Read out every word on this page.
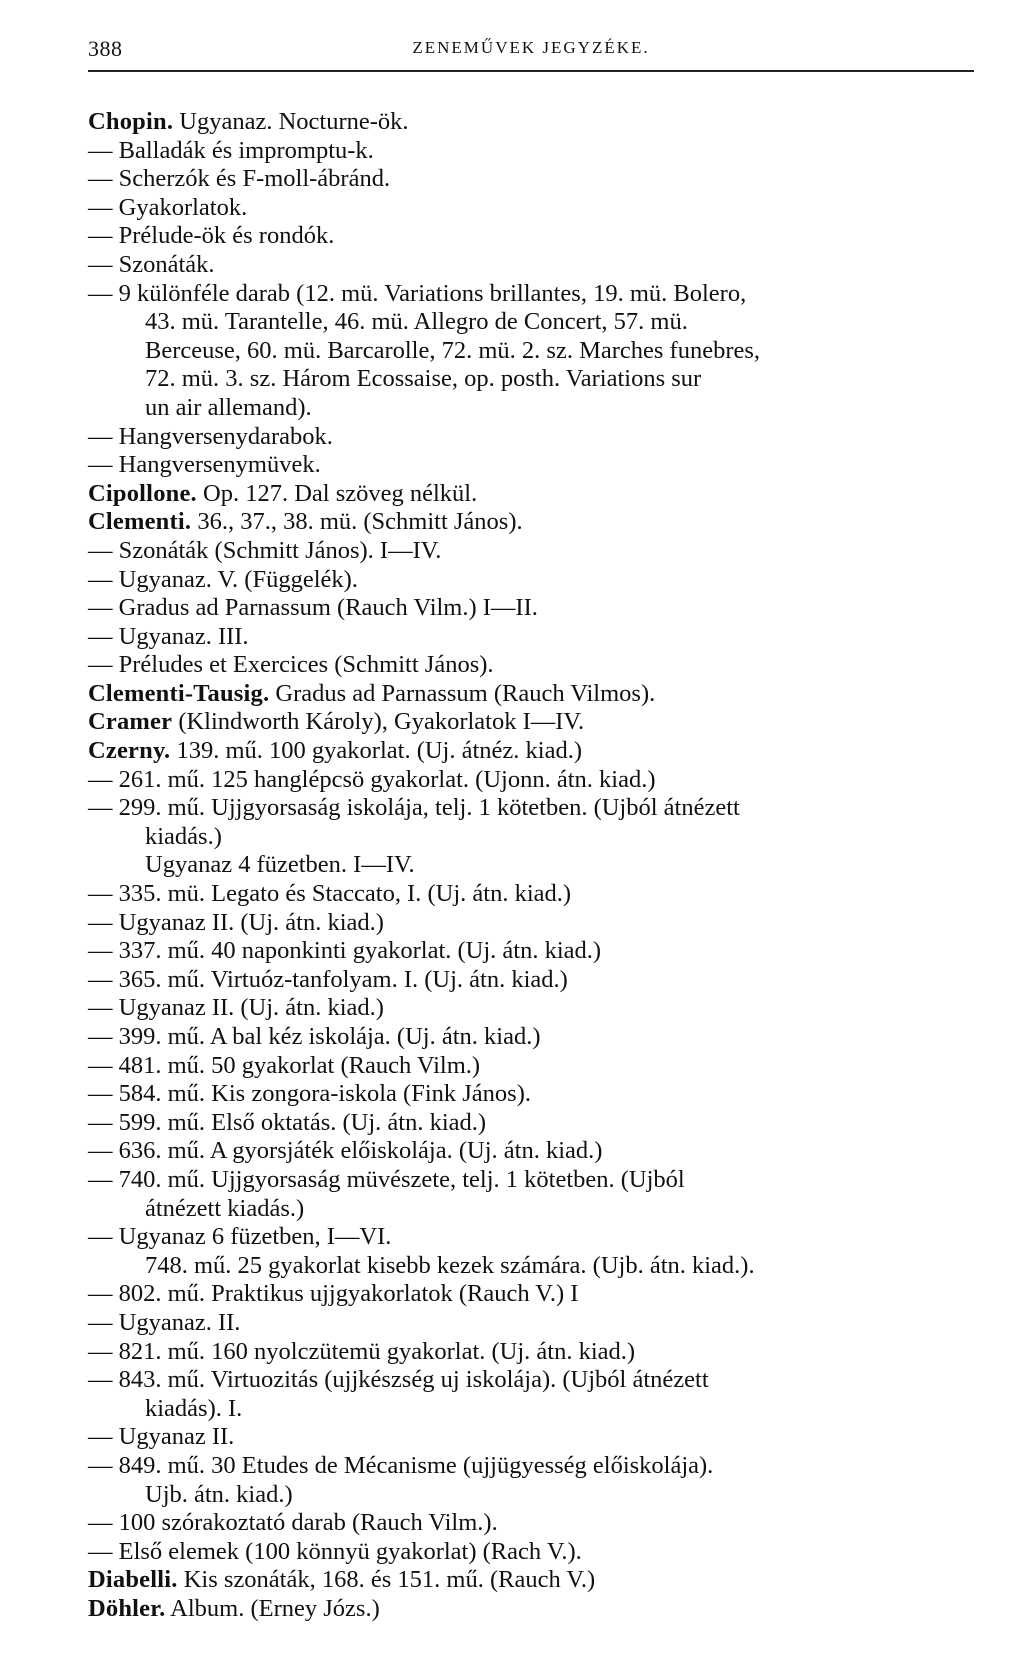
388	ZENEMŰVEK JEGYZÉKE.
Chopin. Ugyanaz. Nocturne-ök.
— Balladák és impromptu-k.
— Scherzók és F-moll-ábránd.
— Gyakorlatok.
— Prélude-ök és rondók.
— Szonáták.
— 9 különféle darab (12. mü. Variations brillantes, 19. mü. Bolero,
43. mü. Tarantelle, 46. mü. Allegro de Concert, 57. mü.
Berceuse, 60. mü. Barcarolle, 72. mü. 2. sz. Marches funebres,
72. mü. 3. sz. Három Ecossaise, op. posth. Variations sur
un air allemand).
— Hangversenydarabok.
— Hangversenymüvek.
Cipollone. Op. 127. Dal szöveg nélkül.
Clementi. 36., 37., 38. mü. (Schmitt János).
— Szonáták (Schmitt János). I—IV.
— Ugyanaz. V. (Függelék).
— Gradus ad Parnassum (Rauch Vilm.) I—II.
— Ugyanaz. III.
— Préludes et Exercices (Schmitt János).
Clementi-Tausig. Gradus ad Parnassum (Rauch Vilmos).
Cramer (Klindworth Károly), Gyakorlatok I—IV.
Czerny. 139. mű. 100 gyakorlat. (Uj. átnéz. kiad.)
— 261. mű. 125 hanglépcsö gyakorlat. (Ujonn. átn. kiad.)
— 299. mű. Ujjgyorsaság iskolája, telj. 1 kötetben. (Ujból átnézett
kiadás.)
Ugyanaz 4 füzetben. I—IV.
— 335. mü. Legato és Staccato, I. (Uj. átn. kiad.)
— Ugyanaz II. (Uj. átn. kiad.)
— 337. mű. 40 naponkinti gyakorlat. (Uj. átn. kiad.)
— 365. mű. Virtuóz-tanfolyam. I. (Uj. átn. kiad.)
— Ugyanaz II. (Uj. átn. kiad.)
— 399. mű. A bal kéz iskolája. (Uj. átn. kiad.)
— 481. mű. 50 gyakorlat (Rauch Vilm.)
— 584. mű. Kis zongora-iskola (Fink János).
— 599. mű. Első oktatás. (Uj. átn. kiad.)
— 636. mű. A gyorsjáték előiskolája. (Uj. átn. kiad.)
— 740. mű. Ujjgyorsaság müvészete, telj. 1 kötetben. (Ujból
átnézett kiadás.)
— Ugyanaz 6 füzetben, I—VI.
748. mű. 25 gyakorlat kisebb kezek számára. (Ujb. átn. kiad.).
— 802. mű. Praktikus ujjgyakorlatok (Rauch V.) I
— Ugyanaz. II.
— 821. mű. 160 nyolczütemü gyakorlat. (Uj. átn. kiad.)
— 843. mű. Virtuozitás (ujjkészség uj iskolája). (Ujból átnézett
kiadás). I.
— Ugyanaz II.
— 849. mű. 30 Etudes de Mécanisme (ujjügyesség előiskolája).
Ujb. átn. kiad.)
— 100 szórakoztató darab (Rauch Vilm.).
— Első elemek (100 könnyü gyakorlat) (Rach V.).
Diabelli. Kis szonáták, 168. és 151. mű. (Rauch V.)
Döhler. Album. (Erney Józs.)
